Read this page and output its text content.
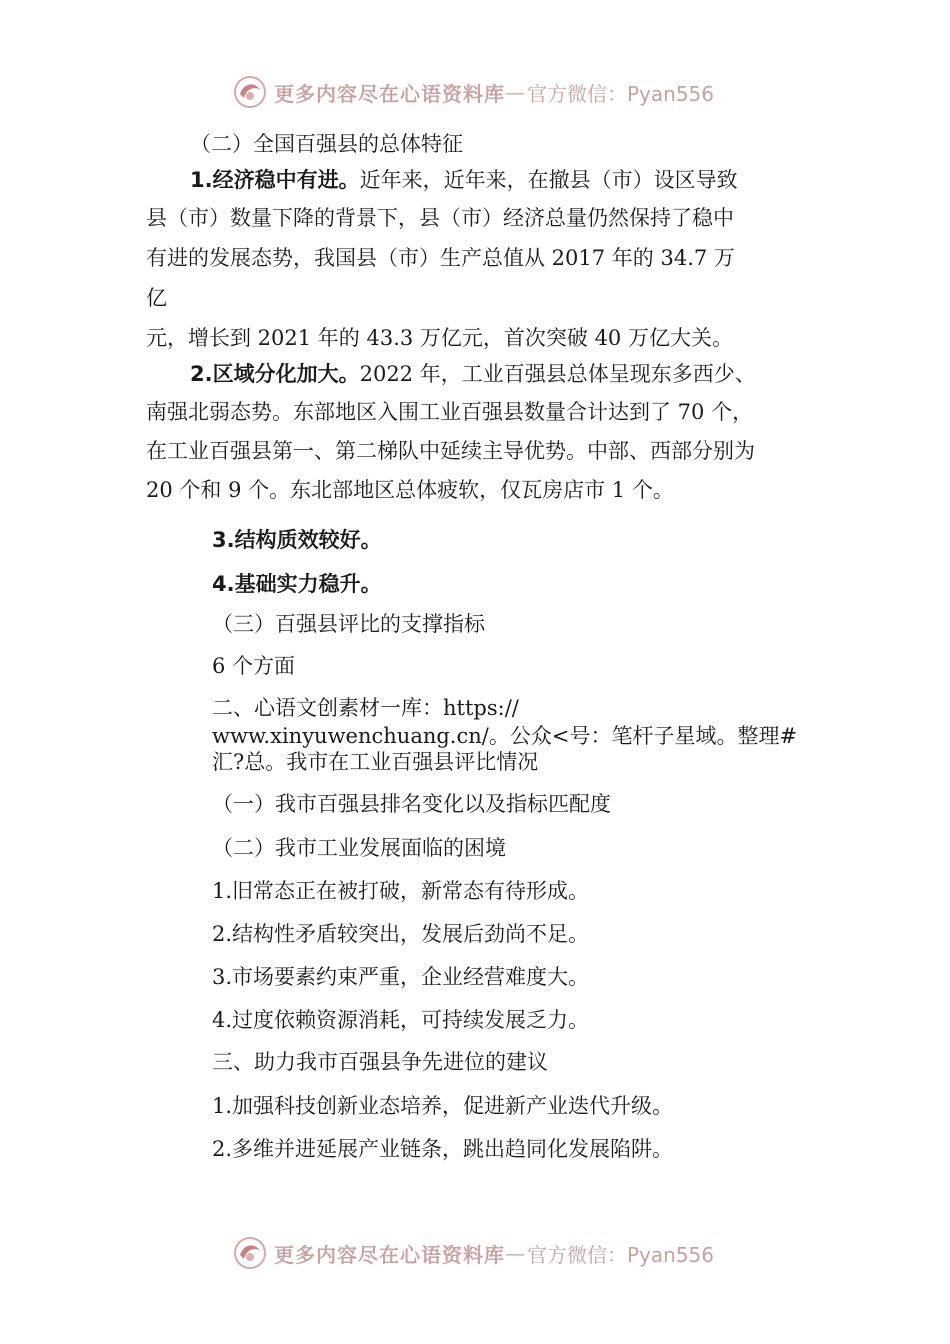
更多内容尽在心语资料库 — 官方微信：Pyan556
（二）全国百强县的总体特征
1.经济稳中有进。近年来，近年来，在撤县（市）设区导致
县（市）数量下降的背景下，县（市）经济总量仍然保持了稳中
有进的发展态势，我国县（市）生产总值从 2017 年的 34.7 万
亿
元，增长到 2021 年的 43.3 万亿元，首次突破 40 万亿大关。
2.区域分化加大。2022 年，工业百强县总体呈现东多西少、
南强北弱态势。东部地区入围工业百强县数量合计达到了 70 个，
在工业百强县第一、第二梯队中延续主导优势。中部、西部分别为
20 个和 9 个。东北部地区总体疲软，仅瓦房店市 1 个。
3.结构质效较好。
4.基础实力稳升。
（三）百强县评比的支撑指标
6 个方面
二、心语文创素材一库：https://
www.xinyuwenchuang.cn/。公众<号：笔杆子星域。整理#
汇?总。我市在工业百强县评比情况
（一）我市百强县排名变化以及指标匹配度
（二）我市工业发展面临的困境
1.旧常态正在被打破，新常态有待形成。
2.结构性矛盾较突出，发展后劲尚不足。
3.市场要素约束严重，企业经营难度大。
4.过度依赖资源消耗，可持续发展乏力。
三、助力我市百强县争先进位的建议
1.加强科技创新业态培养，促进新产业迭代升级。
2.多维并进延展产业链条，跳出趋同化发展陷阱。
更多内容尽在心语资料库 — 官方微信：Pyan556
